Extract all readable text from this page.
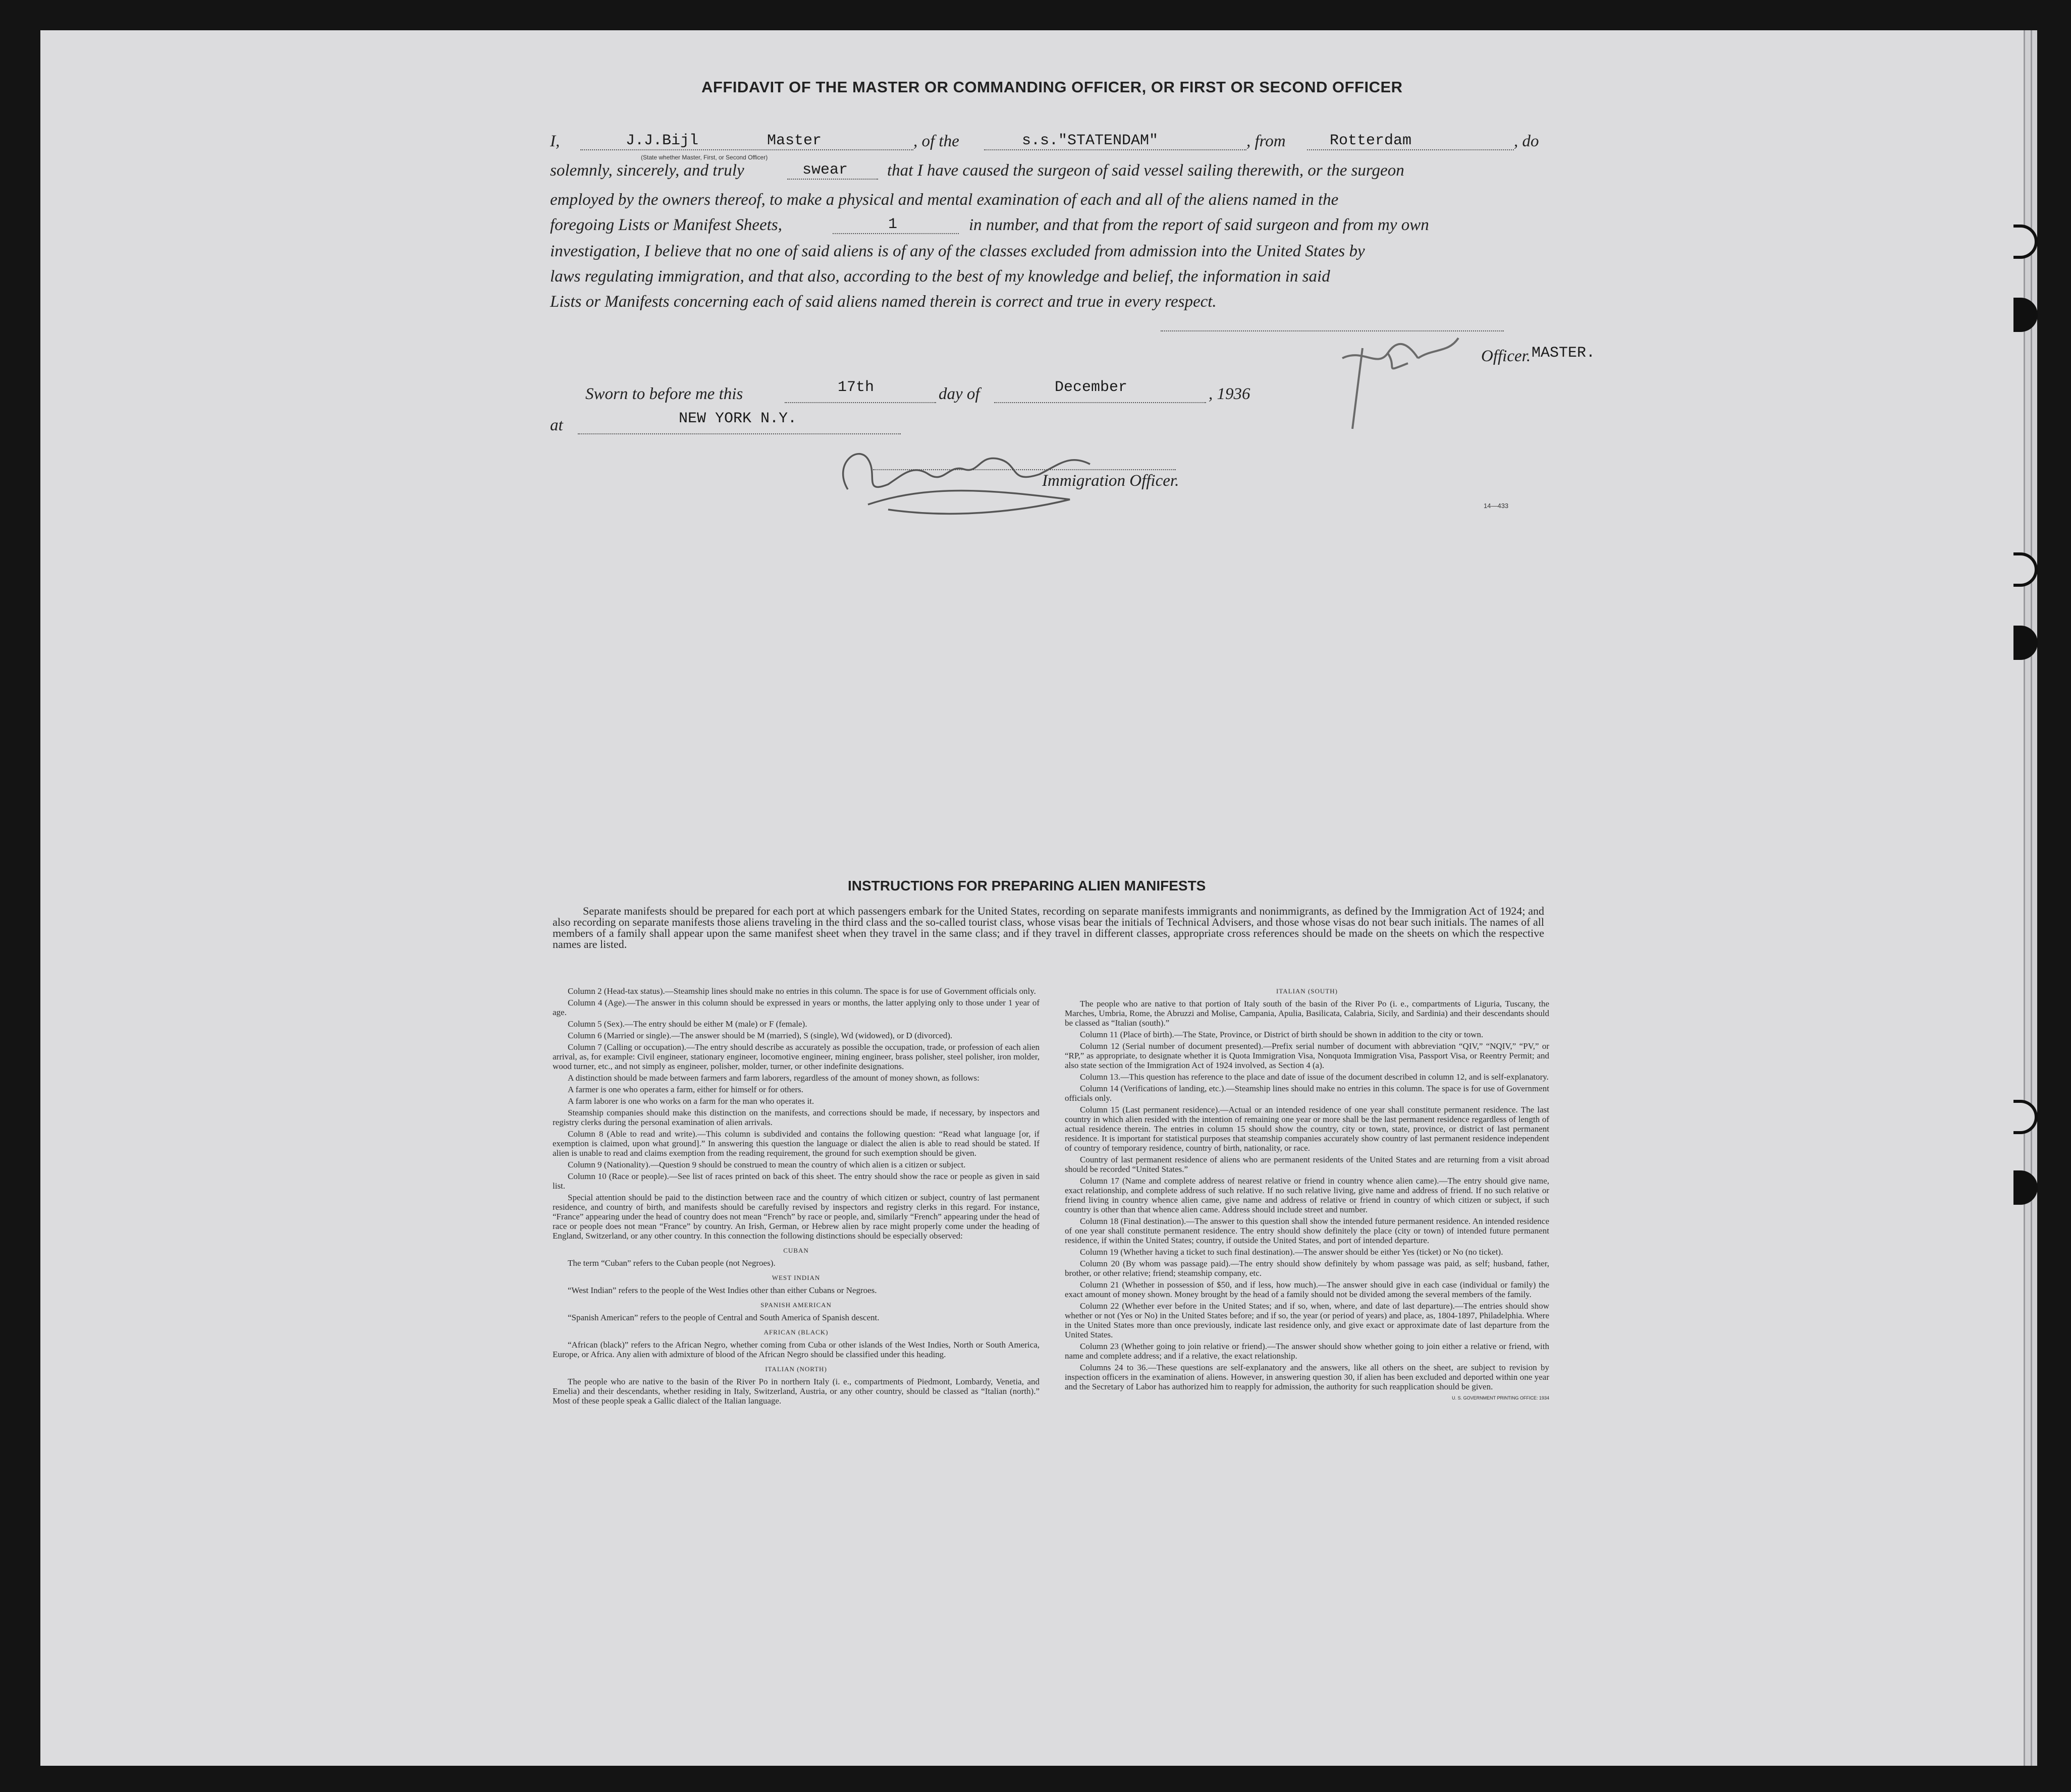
AFFIDAVIT OF THE MASTER OR COMMANDING OFFICER, OR FIRST OR SECOND OFFICER
I,	J.J.Bijl	Master	, of the	s.s."STATENDAM"	, from	Rotterdam	, do
(State whether Master, First, or Second Officer)
solemnly, sincerely, and truly	swear that I have caused the surgeon of said vessel sailing therewith, or the surgeon
employed by the owners thereof, to make a physical and mental examination of each and all of the aliens named in the
foregoing Lists or Manifest Sheets,	1	in number, and that from the report of said surgeon and from my own
investigation, I believe that no one of said aliens is of any of the classes excluded from admission into the United States by
laws regulating immigration, and that also, according to the best of my knowledge and belief, the information in said
Lists or Manifests concerning each of said aliens named therein is correct and true in every respect.
Officer. MASTER.
Sworn to before me this	17th	day of	December	, 1936
at	NEW YORK N.Y.
Immigration Officer.
14—433
INSTRUCTIONS FOR PREPARING ALIEN MANIFESTS
Separate manifests should be prepared for each port at which passengers embark for the United States, recording on separate manifests immigrants and nonimmigrants, as defined by the Immigration Act of 1924; and also recording on separate manifests those aliens traveling in the third class and the so-called tourist class, whose visas bear the initials of Technical Advisers, and those whose visas do not bear such initials. The names of all members of a family shall appear upon the same manifest sheet when they travel in the same class; and if they travel in different classes, appropriate cross references should be made on the sheets on which the respective names are listed.

Column 2 (Head-tax status).—Steamship lines should make no entries in this column. The space is for use of Government officials only.

Column 4 (Age).—The answer in this column should be expressed in years or months, the latter applying only to those under 1 year of age.

Column 5 (Sex).—The entry should be either M (male) or F (female).

Column 6 (Married or single).—The answer should be M (married), S (single), Wd (widowed), or D (divorced).

Column 7 (Calling or occupation).—The entry should describe as accurately as possible the occupation, trade, or profession of each alien arrival, as, for example: Civil engineer, stationary engineer, locomotive engineer, mining engineer, brass polisher, steel polisher, iron molder, wood turner, etc., and not simply as engineer, polisher, molder, turner, or other indefinite designations.

A distinction should be made between farmers and farm laborers, regardless of the amount of money shown, as follows:

A farmer is one who operates a farm, either for himself or for others.

A farm laborer is one who works on a farm for the man who operates it.

Steamship companies should make this distinction on the manifests, and corrections should be made, if necessary, by inspectors and registry clerks during the personal examination of alien arrivals.

Column 8 (Able to read and write).—This column is subdivided and contains the following question: “Read what language [or, if exemption is claimed, upon what ground].” In answering this question the language or dialect the alien is able to read should be stated. If alien is unable to read and claims exemption from the reading requirement, the ground for such exemption should be given.

Column 9 (Nationality).—Question 9 should be construed to mean the country of which alien is a citizen or subject.

Column 10 (Race or people).—See list of races printed on back of this sheet. The entry should show the race or people as given in said list.

Special attention should be paid to the distinction between race and the country of which citizen or subject, country of last permanent residence, and country of birth, and manifests should be carefully revised by inspectors and registry clerks in this regard. For instance, “France” appearing under the head of country does not mean “French” by race or people, and, similarly “French” appearing under the head of race or people does not mean “France” by country. An Irish, German, or Hebrew alien by race might properly come under the heading of England, Switzerland, or any other country. In this connection the following distinctions should be especially observed:

CUBAN

The term “Cuban” refers to the Cuban people (not Negroes).

WEST INDIAN

“West Indian” refers to the people of the West Indies other than either Cubans or Negroes.

SPANISH AMERICAN

“Spanish American” refers to the people of Central and South America of Spanish descent.

AFRICAN (BLACK)

“African (black)” refers to the African Negro, whether coming from Cuba or other islands of the West Indies, North or South America, Europe, or Africa. Any alien with admixture of blood of the African Negro should be classified under this heading.

ITALIAN (NORTH)

The people who are native to the basin of the River Po in northern Italy (i. e., compartments of Piedmont, Lombardy, Venetia, and Emelia) and their descendants, whether residing in Italy, Switzerland, Austria, or any other country, should be classed as “Italian (north).” Most of these people speak a Gallic dialect of the Italian language.

ITALIAN (SOUTH)

The people who are native to that portion of Italy south of the basin of the River Po (i. e., compartments of Liguria, Tuscany, the Marches, Umbria, Rome, the Abruzzi and Molise, Campania, Apulia, Basilicata, Calabria, Sicily, and Sardinia) and their descendants should be classed as “Italian (south).”

Column 11 (Place of birth).—The State, Province, or District of birth should be shown in addition to the city or town.

Column 12 (Serial number of document presented).—Prefix serial number of document with abbreviation “QIV,” “NQIV,” “PV,” or “RP,” as appropriate, to designate whether it is Quota Immigration Visa, Nonquota Immigration Visa, Passport Visa, or Reentry Permit; and also state section of the Immigration Act of 1924 involved, as Section 4 (a).

Column 13.—This question has reference to the place and date of issue of the document described in column 12, and is self-explanatory.

Column 14 (Verifications of landing, etc.).—Steamship lines should make no entries in this column. The space is for use of Government officials only.

Column 15 (Last permanent residence).—Actual or an intended residence of one year shall constitute permanent residence. The last country in which alien resided with the intention of remaining one year or more shall be the last permanent residence regardless of length of actual residence therein. The entries in column 15 should show the country, city or town, state, province, or district of last permanent residence. It is important for statistical purposes that steamship companies accurately show country of last permanent residence independent of country of temporary residence, country of birth, nationality, or race.

Country of last permanent residence of aliens who are permanent residents of the United States and are returning from a visit abroad should be recorded “United States.”

Column 17 (Name and complete address of nearest relative or friend in country whence alien came).—The entry should give name, exact relationship, and complete address of such relative. If no such relative living, give name and address of friend. If no such relative or friend living in country whence alien came, give name and address of relative or friend in country of which citizen or subject, if such country is other than that whence alien came. Address should include street and number.

Column 18 (Final destination).—The answer to this question shall show the intended future permanent residence. An intended residence of one year shall constitute permanent residence. The entry should show definitely the place (city or town) of intended future permanent residence, if within the United States; country, if outside the United States, and port of intended departure.

Column 19 (Whether having a ticket to such final destination).—The answer should be either Yes (ticket) or No (no ticket).

Column 20 (By whom was passage paid).—The entry should show definitely by whom passage was paid, as self; husband, father, brother, or other relative; friend; steamship company, etc.

Column 21 (Whether in possession of $50, and if less, how much).—The answer should give in each case (individual or family) the exact amount of money shown. Money brought by the head of a family should not be divided among the several members of the family.

Column 22 (Whether ever before in the United States; and if so, when, where, and date of last departure).—The entries should show whether or not (Yes or No) in the United States before; and if so, the year (or period of years) and place, as, 1804-1897, Philadelphia. Where in the United States more than once previously, indicate last residence only, and give exact or approximate date of last departure from the United States.

Column 23 (Whether going to join relative or friend).—The answer should show whether going to join either a relative or friend, with name and complete address; and if a relative, the exact relationship.

Columns 24 to 36.—These questions are self-explanatory and the answers, like all others on the sheet, are subject to revision by inspection officers in the examination of aliens. However, in answering question 30, if alien has been excluded and deported within one year and the Secretary of Labor has authorized him to reapply for admission, the authority for such reapplication should be given.

U. S. GOVERNMENT PRINTING OFFICE: 1934
